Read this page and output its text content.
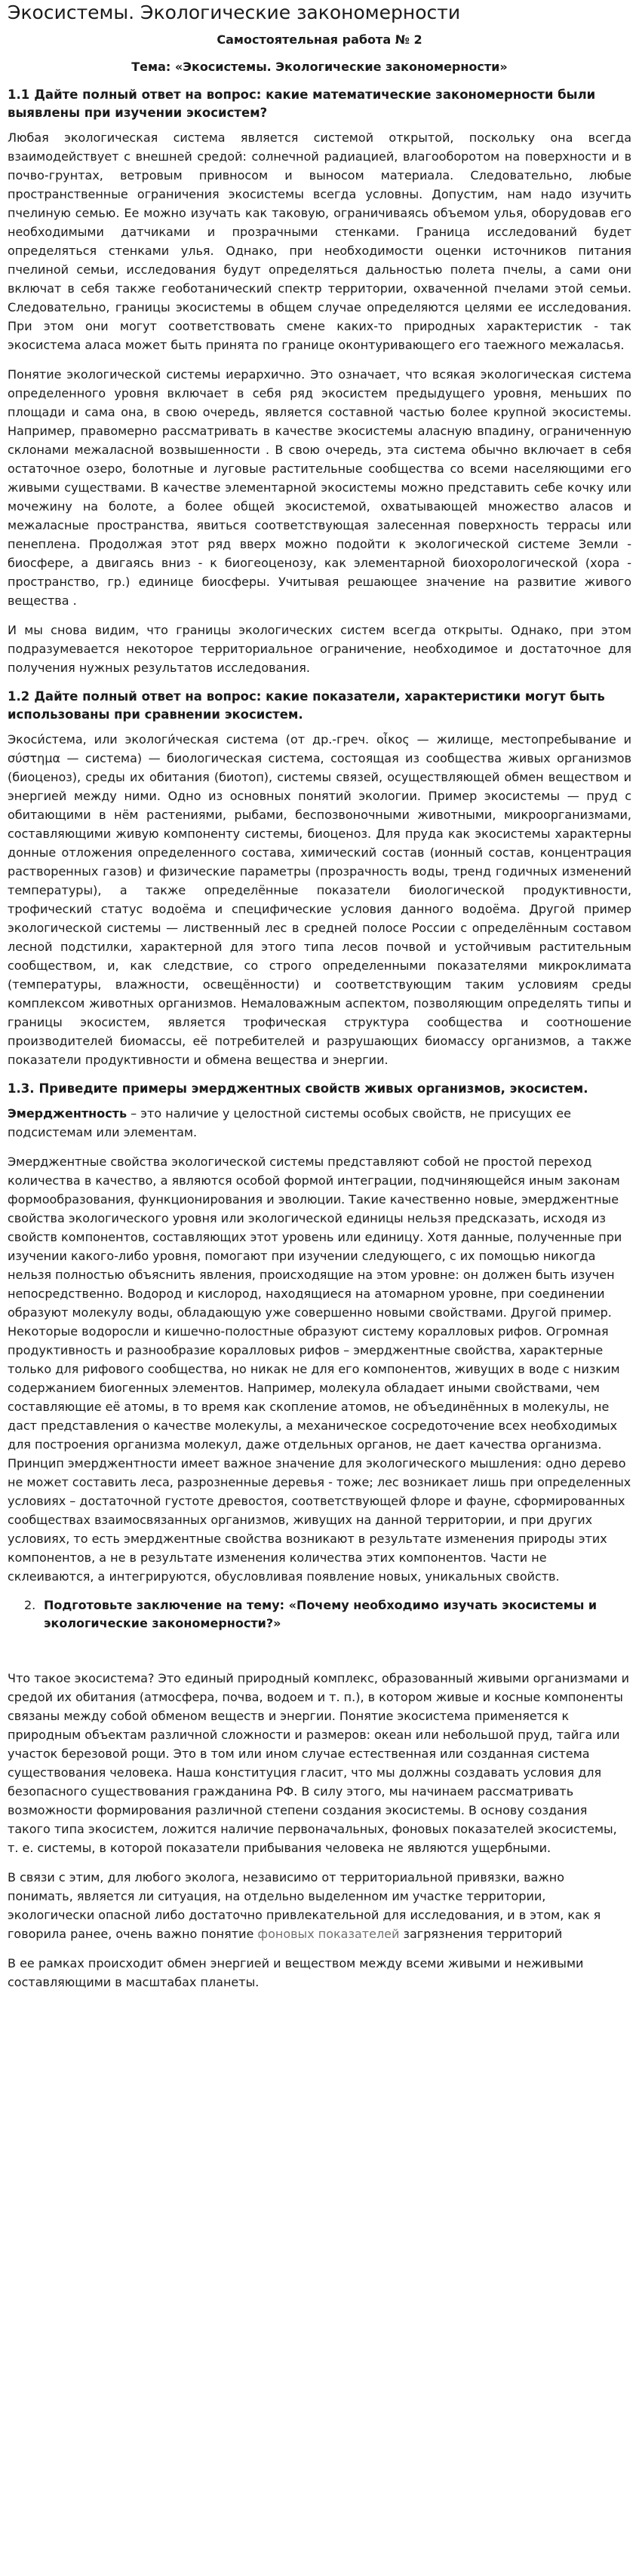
Экосистемы. Экологические закономерности
Самостоятельная работа № 2
Тема: «Экосистемы. Экологические закономерности»
1.1 Дайте полный ответ на вопрос: какие математические закономерности были выявлены при изучении экосистем?

Любая экологическая система является системой открытой, поскольку она всегда взаимодействует с внешней средой: солнечной радиацией, влагооборотом на поверхности и в почво-грунтах, ветровым привносом и выносом материала. Следовательно, любые пространственные ограничения экосистемы всегда условны. Допустим, нам надо изучить пчелиную семью. Ее можно изучать как таковую, ограничиваясь объемом улья, оборудовав его необходимыми датчиками и прозрачными стенками. Граница исследований будет определяться стенками улья. Однако, при необходимости оценки источников питания пчелиной семьи, исследования будут определяться дальностью полета пчелы, а сами они включат в себя также геоботанический спектр территории, охваченной пчелами этой семьи. Следовательно, границы экосистемы в общем случае определяются целями ее исследования. При этом они могут соответствовать смене каких-то природных характеристик - так экосистема аласа может быть принята по границе оконтуривающего его таежного межаласья.

Понятие экологической системы иерархично. Это означает, что всякая экологическая система определенного уровня включает в себя ряд экосистем предыдущего уровня, меньших по площади и сама она, в свою очередь, является составной частью более крупной экосистемы. Например, правомерно рассматривать в качестве экосистемы аласную впадину, ограниченную склонами межаласной возвышенности . В свою очередь, эта система обычно включает в себя остаточное озеро, болотные и луговые растительные сообщества со всеми населяющими его живыми существами. В качестве элементарной экосистемы можно представить себе кочку или мочежину на болоте, а более общей экосистемой, охватывающей множество аласов и межаласные пространства, явиться соответствующая залесенная поверхность террасы или пенеплена. Продолжая этот ряд вверх можно подойти к экологической системе Земли - биосфере, а двигаясь вниз - к биогеоценозу, как элементарной биохорологической (хора - пространство, гр.) единице биосферы. Учитывая решающее значение на развитие живого вещества .

И мы снова видим, что границы экологических систем всегда открыты. Однако, при этом подразумевается некоторое территориальное ограничение, необходимое и достаточное для получения нужных результатов исследования.

1.2 Дайте полный ответ на вопрос: какие показатели, характеристики могут быть использованы при сравнении экосистем.

Экоси́стема, или экологи́ческая система (от др.-греч. οἶκος — жилище, местопребывание и σύστημα — система) — биологическая система, состоящая из сообщества живых организмов (биоценоз), среды их обитания (биотоп), системы связей, осуществляющей обмен веществом и энергией между ними. Одно из основных понятий экологии. Пример экосистемы — пруд с обитающими в нём растениями, рыбами, беспозвоночными животными, микроорганизмами, составляющими живую компоненту системы, биоценоз. Для пруда как экосистемы характерны донные отложения определенного состава, химический состав (ионный состав, концентрация растворенных газов) и физические параметры (прозрачность воды, тренд годичных изменений температуры), а также определённые показатели биологической продуктивности, трофический статус водоёма и специфические условия данного водоёма. Другой пример экологической системы — лиственный лес в средней полосе России с определённым составом лесной подстилки, характерной для этого типа лесов почвой и устойчивым растительным сообществом, и, как следствие, со строго определенными показателями микроклимата (температуры, влажности, освещённости) и соответствующим таким условиям среды комплексом животных организмов. Немаловажным аспектом, позволяющим определять типы и границы экосистем, является трофическая структура сообщества и соотношение производителей биомассы, её потребителей и разрушающих биомассу организмов, а также показатели продуктивности и обмена вещества и энергии.

1.3. Приведите примеры эмерджентных свойств живых организмов, экосистем.

Эмерджентность – это наличие у целостной системы особых свойств, не присущих ее подсистемам или элементам.

Эмерджентные свойства экологической системы представляют собой не простой переход количества в качество, а являются особой формой интеграции, подчиняющейся иным законам формообразования, функционирования и эволюции. Такие качественно новые, эмерджентные свойства экологического уровня или экологической единицы нельзя предсказать, исходя из свойств компонентов, составляющих этот уровень или единицу. Хотя данные, полученные при изучении какого-либо уровня, помогают при изучении следующего, с их помощью никогда нельзя полностью объяснить явления, происходящие на этом уровне: он должен быть изучен непосредственно. Водород и кислород, находящиеся на атомарном уровне, при соединении образуют молекулу воды, обладающую уже совершенно новыми свойствами. Другой пример. Некоторые водоросли и кишечно-полостные образуют систему коралловых рифов. Огромная продуктивность и разнообразие коралловых рифов – эмерджентные свойства, характерные только для рифового сообщества, но никак не для его компонентов, живущих в воде с низким содержанием биогенных элементов. Например, молекула обладает иными свойствами, чем составляющие её атомы, в то время как скопление атомов, не объединённых в молекулы, не даст представления о качестве молекулы, а механическое сосредоточение всех необходимых для построения организма молекул, даже отдельных органов, не дает качества организма. Принцип эмерджентности имеет важное значение для экологического мышления: одно дерево не может составить леса, разрозненные деревья - тоже; лес возникает лишь при определенных условиях – достаточной густоте древостоя, соответствующей флоре и фауне, сформированных сообществах взаимосвязанных организмов, живущих на данной территории, и при других условиях, то есть эмерджентные свойства возникают в результате изменения природы этих компонентов, а не в результате изменения количества этих компонентов. Части не склеиваются, а интегрируются, обусловливая появление новых, уникальных свойств.

2. Подготовьте заключение на тему: «Почему необходимо изучать экосистемы и экологические закономерности?»

Что такое экосистема? Это единый природный комплекс, образованный живыми организмами и средой их обитания (атмосфера, почва, водоем и т. п.), в котором живые и косные компоненты связаны между собой обменом веществ и энергии. Понятие экосистема применяется к природным объектам различной сложности и размеров: океан или небольшой пруд, тайга или участок березовой рощи. Это в том или ином случае естественная или созданная система существования человека. Наша конституция гласит, что мы должны создавать условия для безопасного существования гражданина РФ. В силу этого, мы начинаем рассматривать возможности формирования различной степени создания экосистемы. В основу создания такого типа экосистем, ложится наличие первоначальных, фоновых показателей экосистемы, т. е. системы, в которой показатели прибывания человека не являются ущербными.

В связи с этим, для любого эколога, независимо от территориальной привязки, важно понимать, является ли ситуация, на отдельно выделенном им участке территории, экологически опасной либо достаточно привлекательной для исследования, и в этом, как я говорила ранее, очень важно понятие фоновых показателей загрязнения территорий

В ее рамках происходит обмен энергией и веществом между всеми живыми и неживыми составляющими в масштабах планеты.
